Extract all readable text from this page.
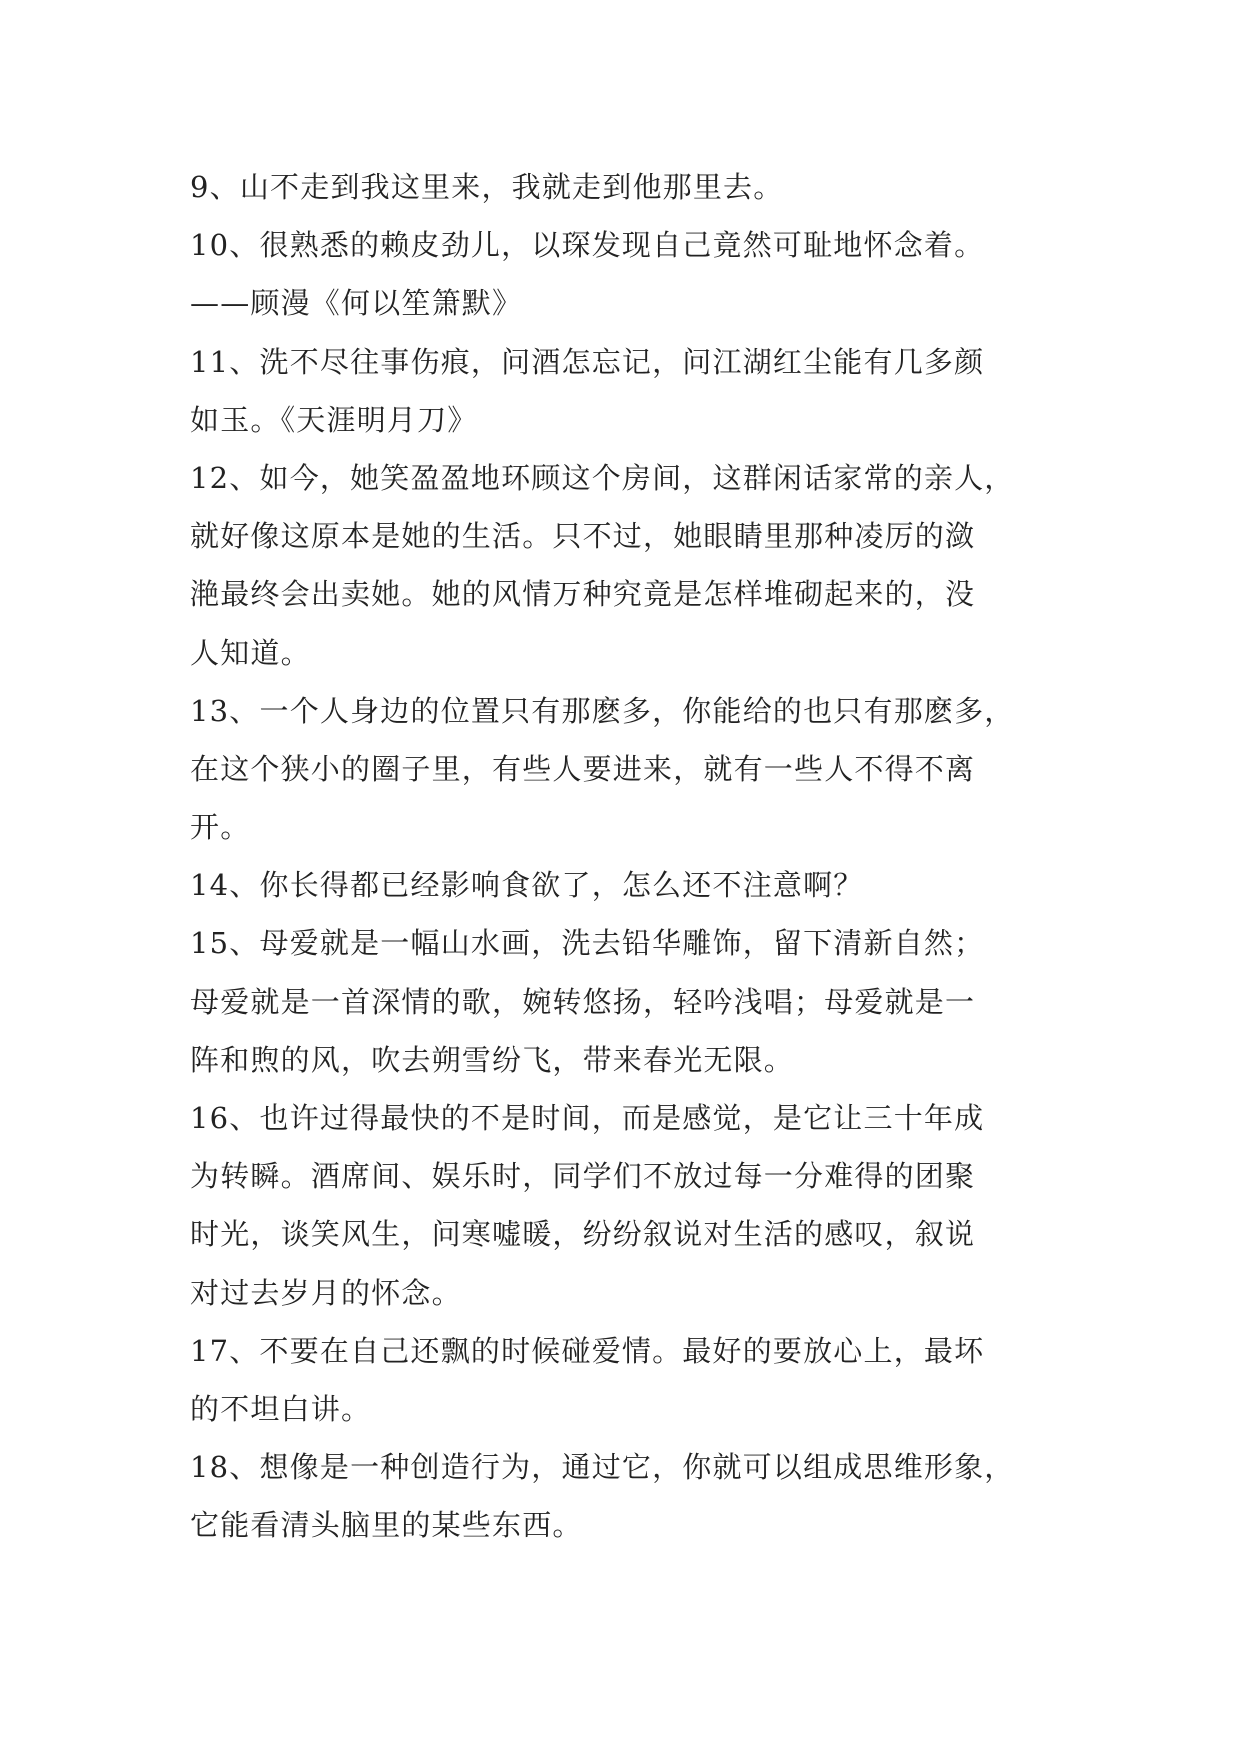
9、山不走到我这里来，我就走到他那里去。
10、很熟悉的赖皮劲儿，以琛发现自己竟然可耻地怀念着。
——顾漫《何以笙箫默》
11、洗不尽往事伤痕，问酒怎忘记，问江湖红尘能有几多颜
如玉。《天涯明月刀》
12、如今，她笑盈盈地环顾这个房间，这群闲话家常的亲人，
就好像这原本是她的生活。只不过，她眼睛里那种凌厉的潋
滟最终会出卖她。她的风情万种究竟是怎样堆砌起来的，没
人知道。
13、一个人身边的位置只有那麽多，你能给的也只有那麽多，
在这个狭小的圈子里，有些人要进来，就有一些人不得不离
开。
14、你长得都已经影响食欲了，怎么还不注意啊？
15、母爱就是一幅山水画，洗去铅华雕饰，留下清新自然；
母爱就是一首深情的歌，婉转悠扬，轻吟浅唱；母爱就是一
阵和煦的风，吹去朔雪纷飞，带来春光无限。
16、也许过得最快的不是时间，而是感觉，是它让三十年成
为转瞬。酒席间、娱乐时，同学们不放过每一分难得的团聚
时光，谈笑风生，问寒嘘暖，纷纷叙说对生活的感叹，叙说
对过去岁月的怀念。
17、不要在自己还飘的时候碰爱情。最好的要放心上，最坏
的不坦白讲。
18、想像是一种创造行为，通过它，你就可以组成思维形象，
它能看清头脑里的某些东西。
